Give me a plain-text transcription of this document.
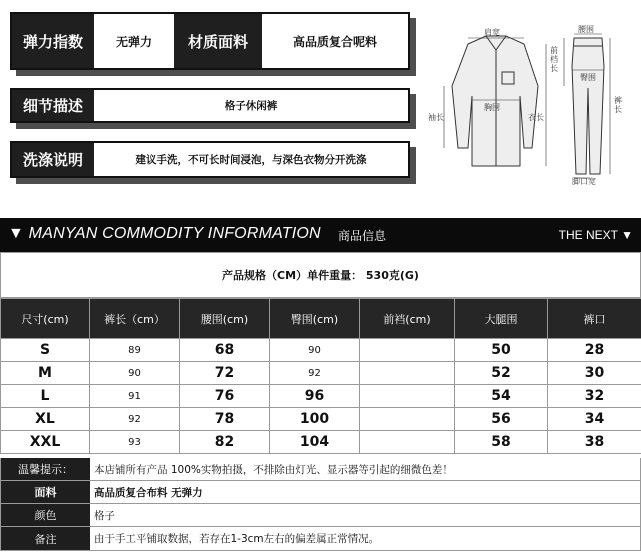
弹力指数	无弹力	材质面料	高品质复合呢料
细节描述	格子休闲裤
洗涤说明	建议手洗，不可长时间浸泡，与深色衣物分开洗涤
肩宽
胸围
袖长	衣长
前档长
腰围
臀围
裤长
脚口宽
▼ MANYAN COMMODITY INFORMATION 商品信息	THE NEXT ▼
产品规格（CM）单件重量： 530克(G)
尺寸(cm)	裤长（cm）	腰围(cm)	臀围(cm)	前裆(cm)	大腿围	裤口
S	89	68	90		50	28
M	90	72	92		52	30
L	91	76	96		54	32
XL	92	78	100		56	34
XXL	93	82	104		58	38
温馨提示：	本店铺所有产品 100%实物拍摄，不排除由灯光、显示器等引起的细微色差！
面料	高品质复合布料 无弹力
颜色	格子
备注	由于手工平铺取数据，若存在1-3cm左右的偏差属正常情况。
